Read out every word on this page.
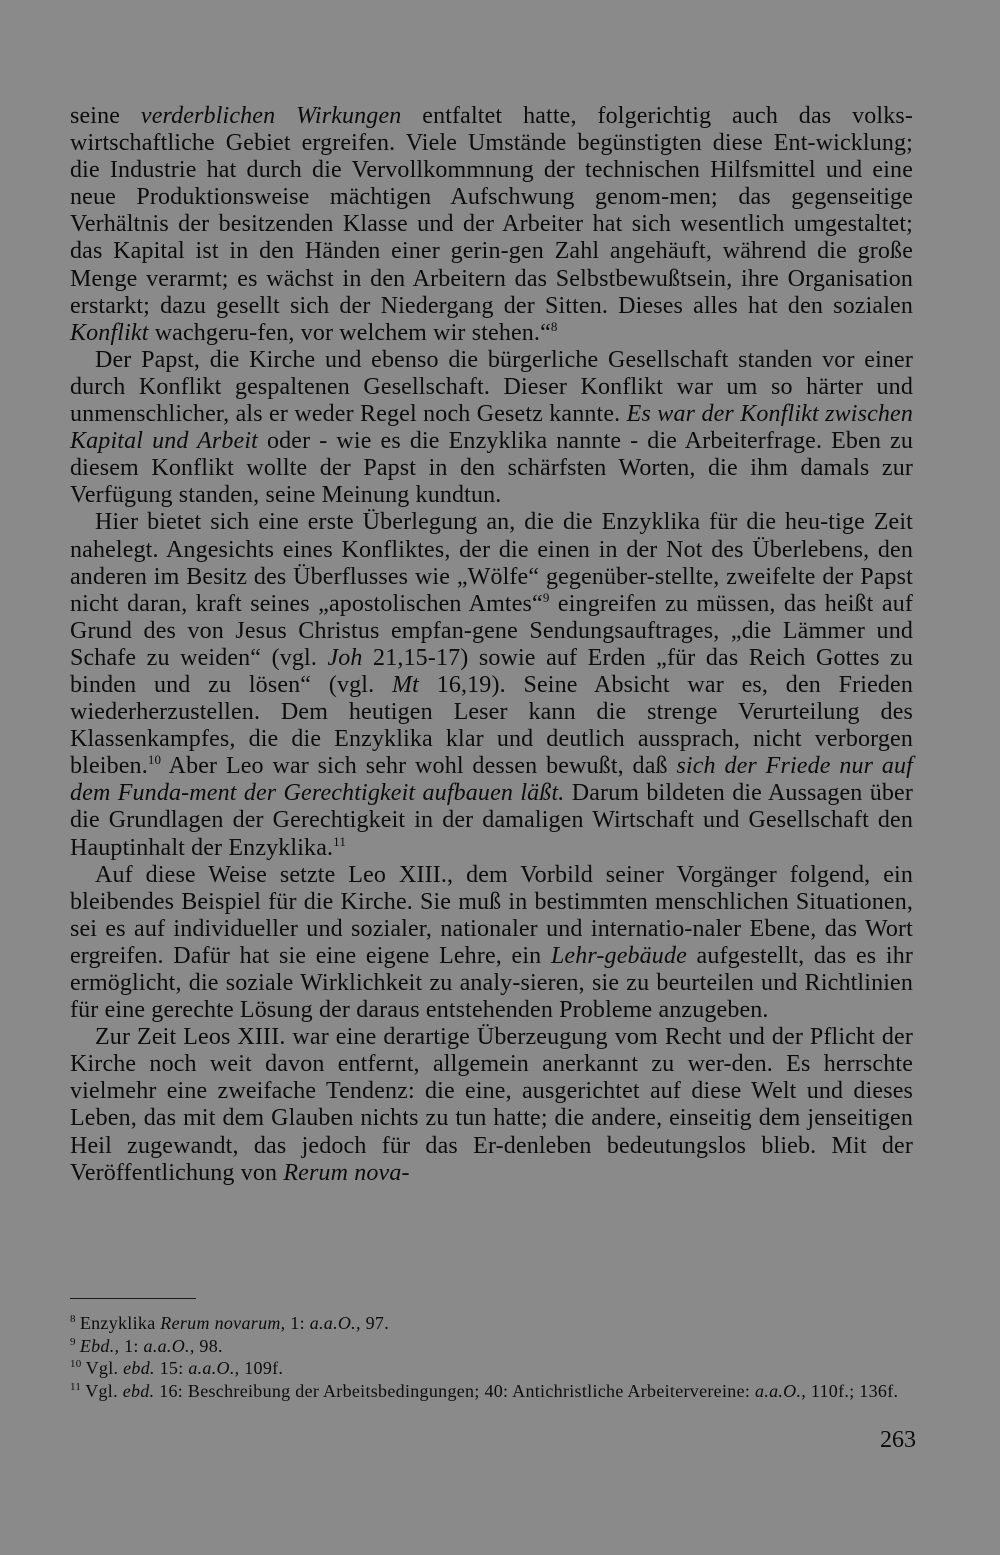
seine verderblichen Wirkungen entfaltet hatte, folgerichtig auch das volks-wirtschaftliche Gebiet ergreifen. Viele Umstände begünstigten diese Ent-wicklung; die Industrie hat durch die Vervollkommnung der technischen Hilfsmittel und eine neue Produktionsweise mächtigen Aufschwung genom-men; das gegenseitige Verhältnis der besitzenden Klasse und der Arbeiter hat sich wesentlich umgestaltet; das Kapital ist in den Händen einer gerin-gen Zahl angehäuft, während die große Menge verarmt; es wächst in den Arbeitern das Selbstbewußtsein, ihre Organisation erstarkt; dazu gesellt sich der Niedergang der Sitten. Dieses alles hat den sozialen Konflikt wachgeru-fen, vor welchem wir stehen.“$^8$

Der Papst, die Kirche und ebenso die bürgerliche Gesellschaft standen vor einer durch Konflikt gespaltenen Gesellschaft. Dieser Konflikt war um so härter und unmenschlicher, als er weder Regel noch Gesetz kannte. Es war der Konflikt zwischen Kapital und Arbeit oder - wie es die Enzyklika nannte - die Arbeiterfrage. Eben zu diesem Konflikt wollte der Papst in den schärfsten Worten, die ihm damals zur Verfügung standen, seine Meinung kundtun.

Hier bietet sich eine erste Überlegung an, die die Enzyklika für die heu-tige Zeit nahelegt. Angesichts eines Konfliktes, der die einen in der Not des Überlebens, den anderen im Besitz des Überflusses wie „Wölfe“ gegenüber-stellte, zweifelte der Papst nicht daran, kraft seines „apostolischen Amtes“$^9$ eingreifen zu müssen, das heißt auf Grund des von Jesus Christus empfan-gene Sendungsauftrages, „die Lämmer und Schafe zu weiden“ (vgl. Joh 21,15-17) sowie auf Erden „für das Reich Gottes zu binden und zu lösen“ (vgl. Mt 16,19). Seine Absicht war es, den Frieden wiederherzustellen. Dem heutigen Leser kann die strenge Verurteilung des Klassenkampfes, die die Enzyklika klar und deutlich aussprach, nicht verborgen bleiben.$^{10}$ Aber Leo war sich sehr wohl dessen bewußt, daß sich der Friede nur auf dem Funda-ment der Gerechtigkeit aufbauen läßt. Darum bildeten die Aussagen über die Grundlagen der Gerechtigkeit in der damaligen Wirtschaft und Gesellschaft den Hauptinhalt der Enzyklika.$^{11}$

Auf diese Weise setzte Leo XIII., dem Vorbild seiner Vorgänger folgend, ein bleibendes Beispiel für die Kirche. Sie muß in bestimmten menschlichen Situationen, sei es auf individueller und sozialer, nationaler und internatio-naler Ebene, das Wort ergreifen. Dafür hat sie eine eigene Lehre, ein Lehr-gebäude aufgestellt, das es ihr ermöglicht, die soziale Wirklichkeit zu analy-sieren, sie zu beurteilen und Richtlinien für eine gerechte Lösung der daraus entstehenden Probleme anzugeben.

Zur Zeit Leos XIII. war eine derartige Überzeugung vom Recht und der Pflicht der Kirche noch weit davon entfernt, allgemein anerkannt zu wer-den. Es herrschte vielmehr eine zweifache Tendenz: die eine, ausgerichtet auf diese Welt und dieses Leben, das mit dem Glauben nichts zu tun hatte; die andere, einseitig dem jenseitigen Heil zugewandt, das jedoch für das Er-denleben bedeutungslos blieb. Mit der Veröffentlichung von Rerum nova-

$^8$ Enzyklika Rerum novarum, 1: a.a.O., 97.

$^9$ Ebd., 1: a.a.O., 98.

$^{10}$ Vgl. ebd. 15: a.a.O., 109f.

$^{11}$ Vgl. ebd. 16: Beschreibung der Arbeitsbedingungen; 40: Antichristliche Arbeitervereine: a.a.O., 110f.; 136f.

263
